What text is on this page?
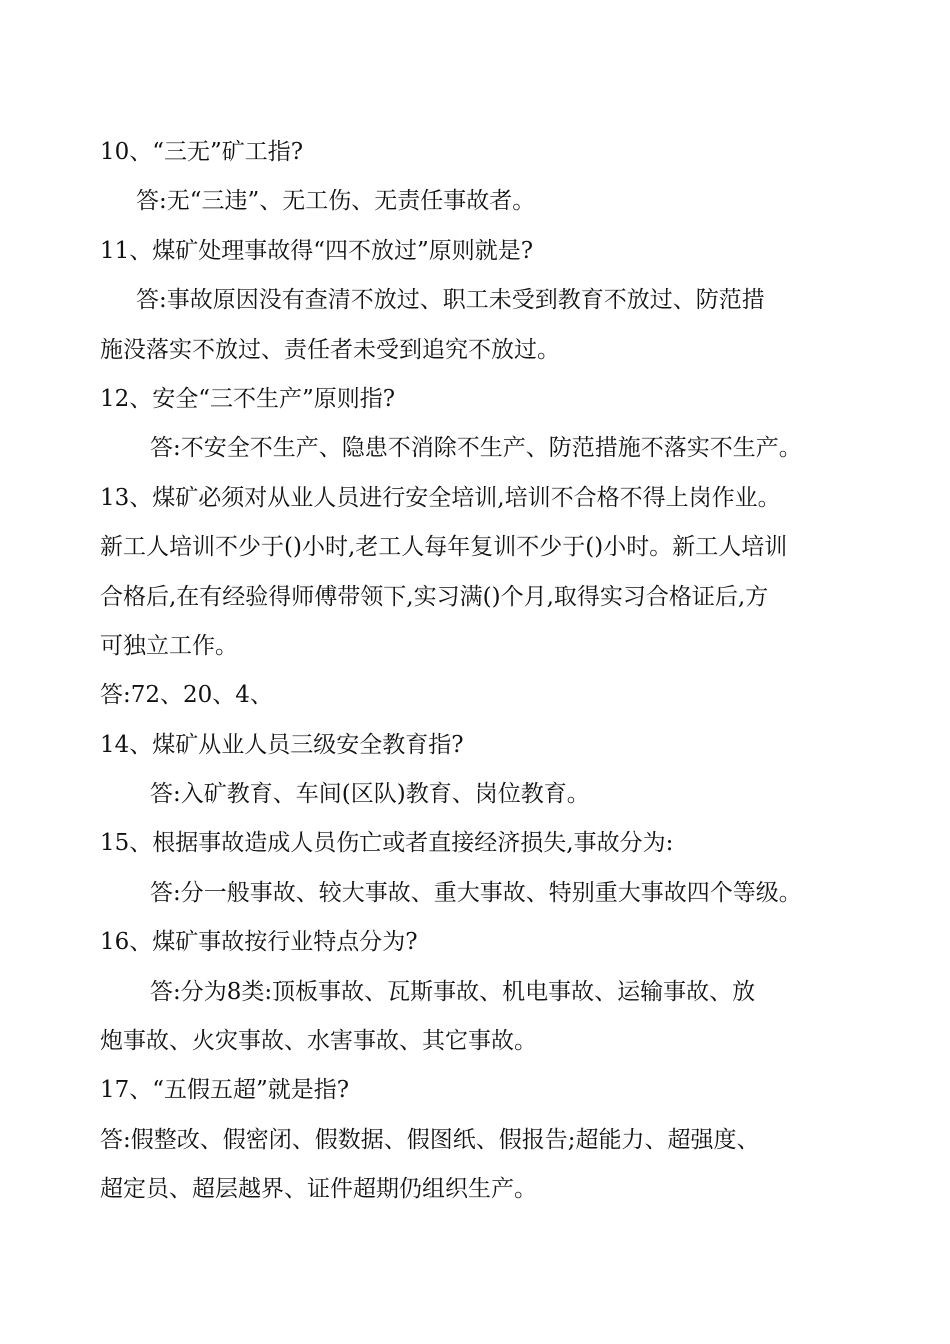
10、“三无”矿工指?
答:无“三违”、无工伤、无责任事故者。
11、煤矿处理事故得“四不放过”原则就是?
答:事故原因没有查清不放过、职工未受到教育不放过、防范措
施没落实不放过、责任者未受到追究不放过。
12、安全“三不生产”原则指?
答:不安全不生产、隐患不消除不生产、防范措施不落实不生产。
13、煤矿必须对从业人员进行安全培训,培训不合格不得上岗作业。
新工人培训不少于()小时,老工人每年复训不少于()小时。新工人培训
合格后,在有经验得师傅带领下,实习满()个月,取得实习合格证后,方
可独立工作。
答:72、20、4、
14、煤矿从业人员三级安全教育指?
答:入矿教育、车间(区队)教育、岗位教育。
15、根据事故造成人员伤亡或者直接经济损失,事故分为:
答:分一般事故、较大事故、重大事故、特别重大事故四个等级。
16、煤矿事故按行业特点分为?
答:分为8类:顶板事故、瓦斯事故、机电事故、运输事故、放
炮事故、火灾事故、水害事故、其它事故。
17、“五假五超”就是指?
答:假整改、假密闭、假数据、假图纸、假报告;超能力、超强度、
超定员、超层越界、证件超期仍组织生产。
